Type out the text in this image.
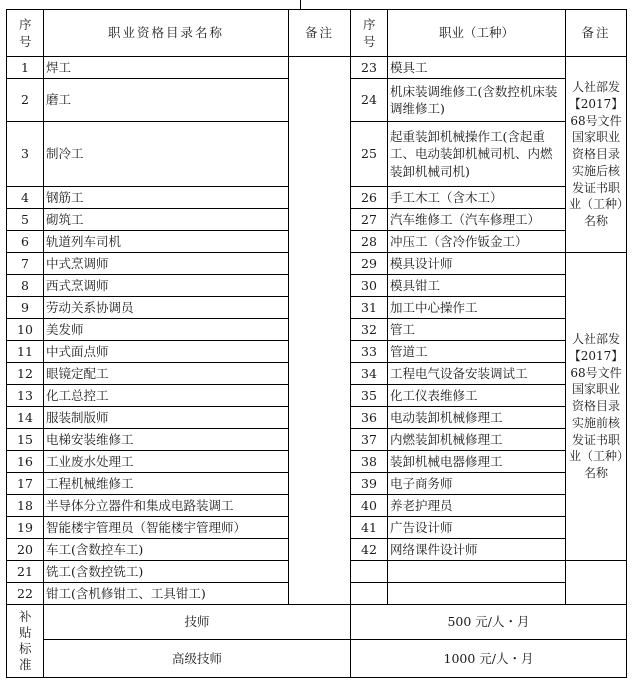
序号	职业资格目录名称	备注	序号	职业（工种）	备注
1	焊工		23	模具工	人社部发【2017】68号文件国家职业资格目录实施后核发证书职业（工种）名称
2	磨工		24	机床装调维修工(含数控机床装调维修工)	
3	制冷工		25	起重装卸机械操作工(含起重工、电动装卸机械司机、内燃装卸机械司机)	
4	钢筋工		26	手工木工（含木工）	
5	砌筑工		27	汽车维修工（汽车修理工）	
6	轨道列车司机		28	冲压工（含冷作钣金工）	
7	中式烹调师		29	模具设计师	人社部发【2017】68号文件国家职业资格目录实施前核发证书职业（工种）名称
8	西式烹调师		30	模具钳工	
9	劳动关系协调员		31	加工中心操作工	
10	美发师		32	管工	
11	中式面点师		33	管道工	
12	眼镜定配工		34	工程电气设备安装调试工	
13	化工总控工		35	化工仪表维修工	
14	服装制版师		36	电动装卸机械修理工	
15	电梯安装维修工		37	内燃装卸机械修理工	
16	工业废水处理工		38	装卸机械电器修理工	
17	工程机械维修工		39	电子商务师	
18	半导体分立器件和集成电路装调工		40	养老护理员	
19	智能楼宇管理员（智能楼宇管理师）		41	广告设计师	
20	车工(含数控车工)		42	网络课件设计师	
21	铣工(含数控铣工)				
22	钳工(含机修钳工、工具钳工)				
补贴标准	技师		500 元/人・月		
	高级技师		1000 元/人・月		
